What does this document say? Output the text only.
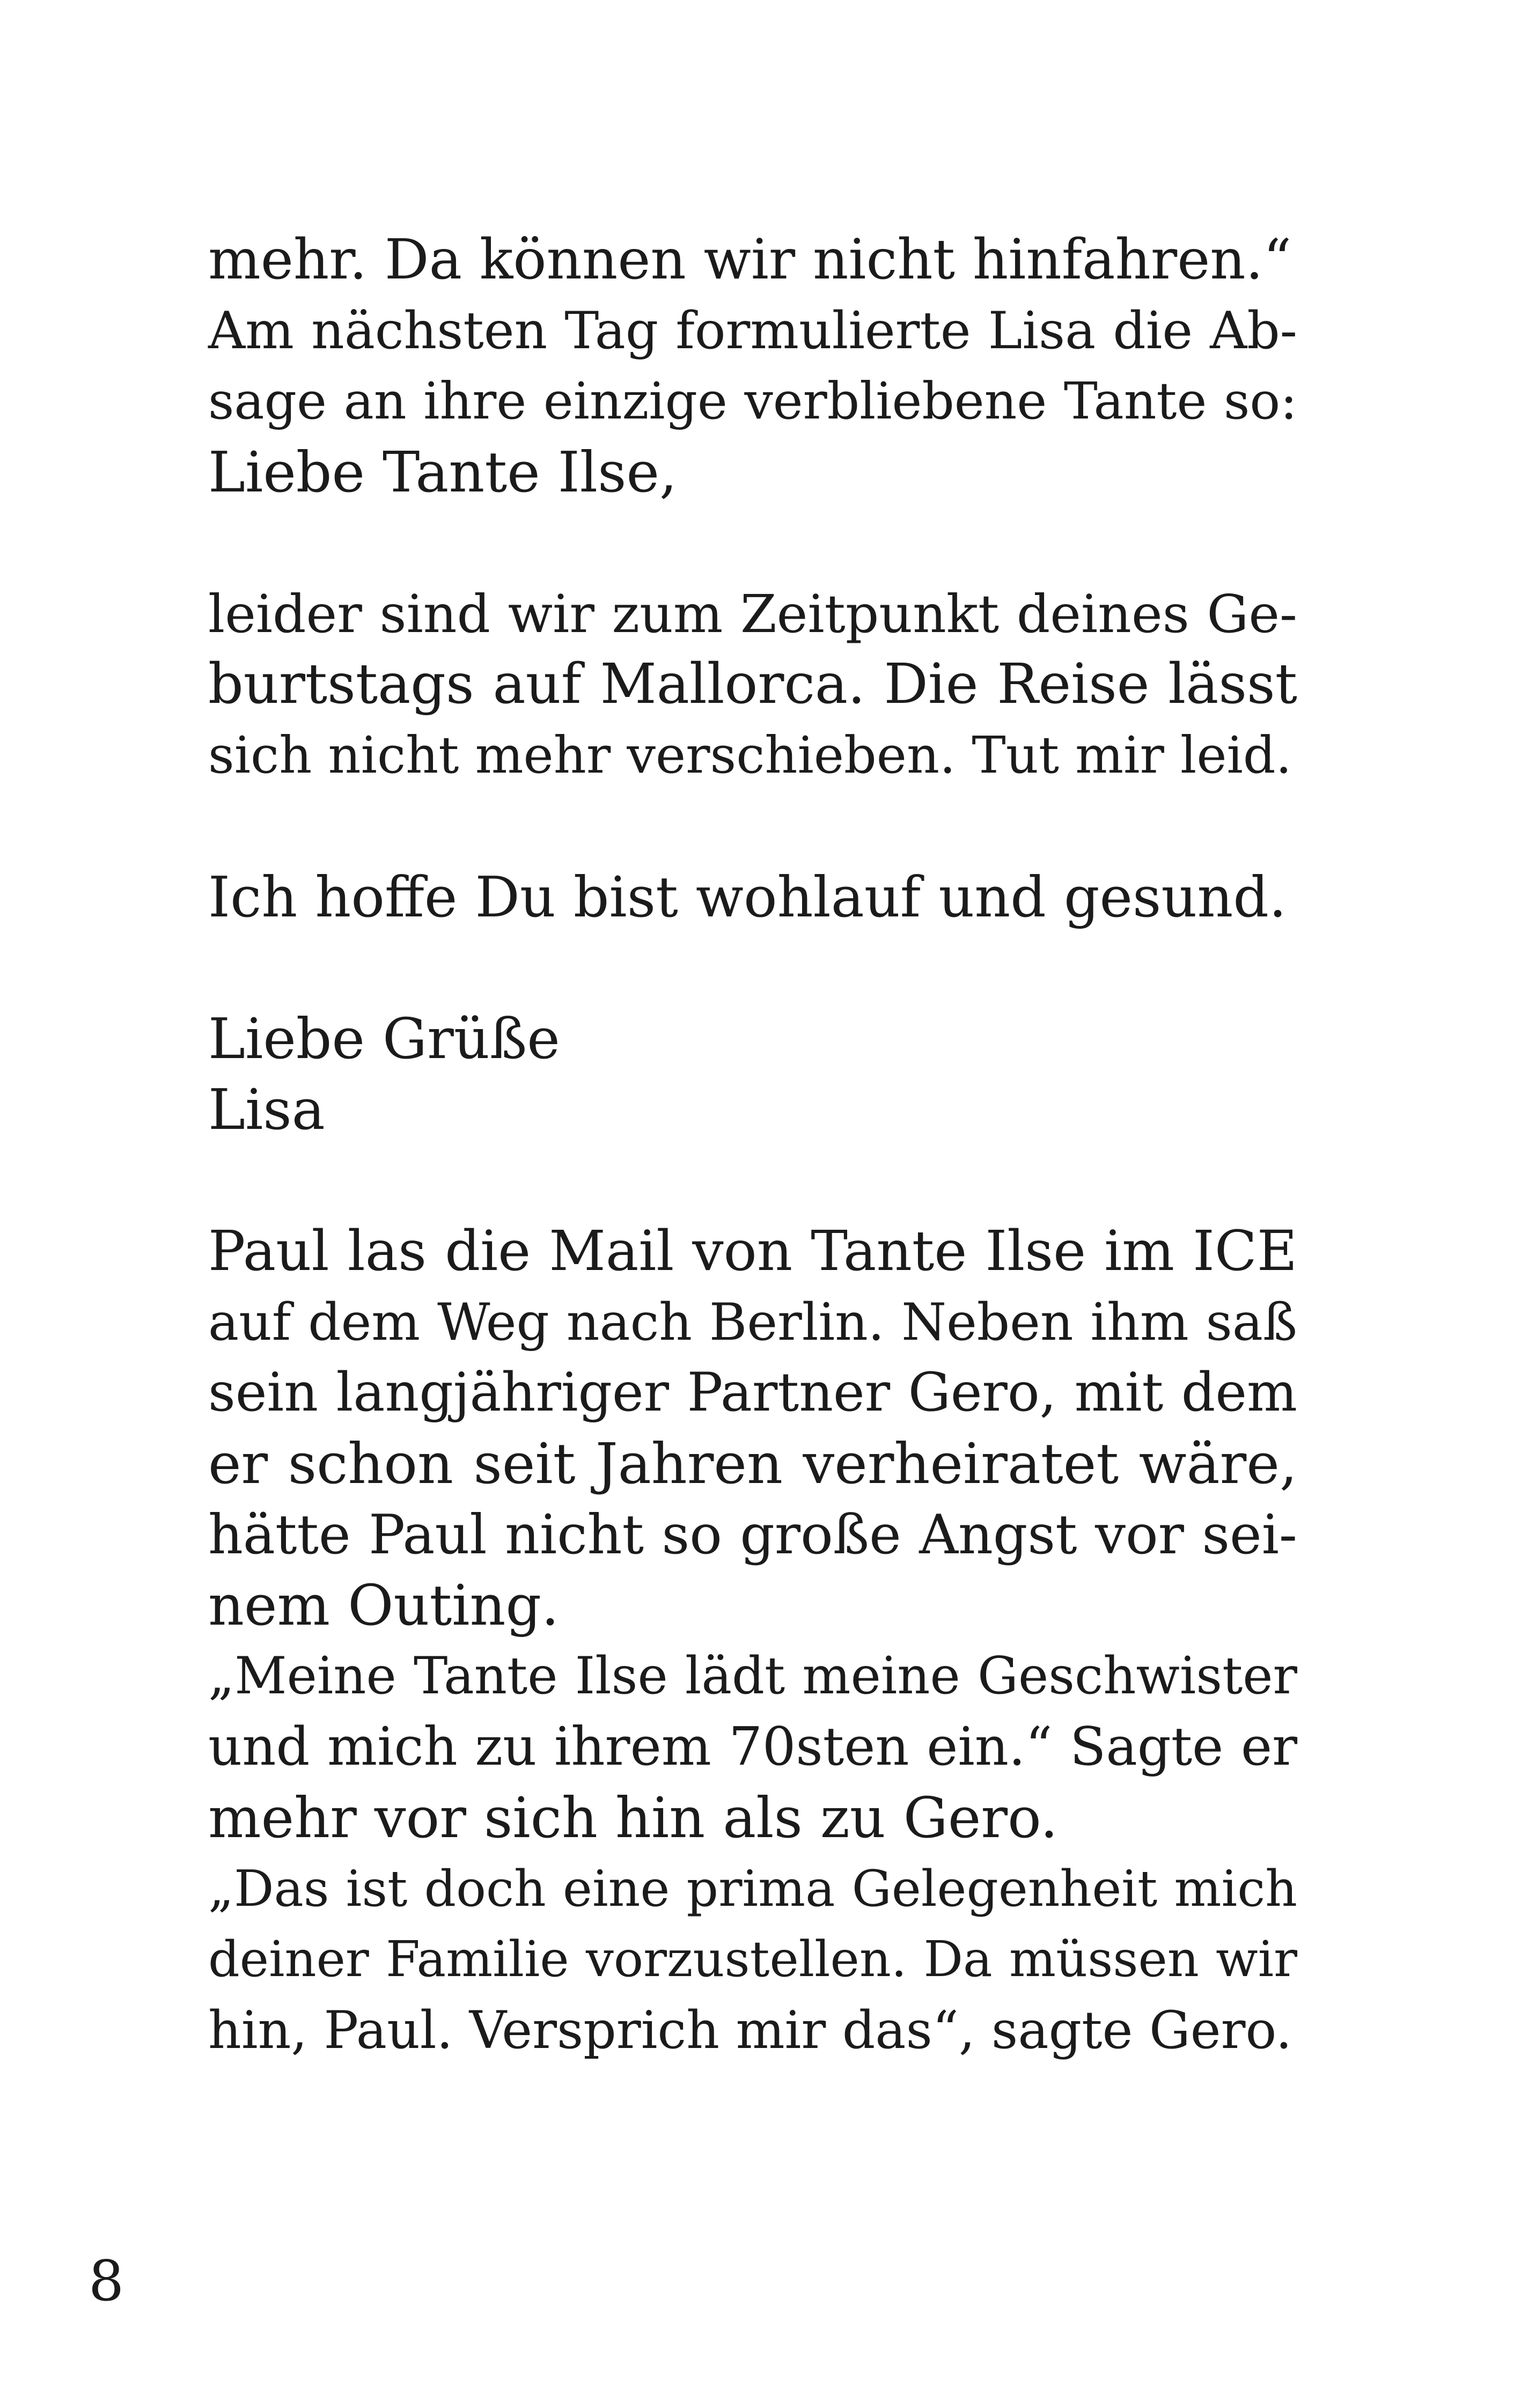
mehr. Da können wir nicht hinfahren.“

Am nächsten Tag formulierte Lisa die Ab-

sage an ihre einzige verbliebene Tante so:

Liebe Tante Ilse,

leider sind wir zum Zeitpunkt deines Ge-

burtstags auf Mallorca. Die Reise lässt

sich nicht mehr verschieben. Tut mir leid.

Ich hoffe Du bist wohlauf und gesund.

Liebe Grüße

Lisa

Paul las die Mail von Tante Ilse im ICE

auf dem Weg nach Berlin. Neben ihm saß

sein langjähriger Partner Gero, mit dem

er schon seit Jahren verheiratet wäre,

hätte Paul nicht so große Angst vor sei-

nem Outing.

„Meine Tante Ilse lädt meine Geschwister

und mich zu ihrem 70sten ein.“ Sagte er

mehr vor sich hin als zu Gero.

„Das ist doch eine prima Gelegenheit mich

deiner Familie vorzustellen. Da müssen wir

hin, Paul. Versprich mir das“, sagte Gero.

8
